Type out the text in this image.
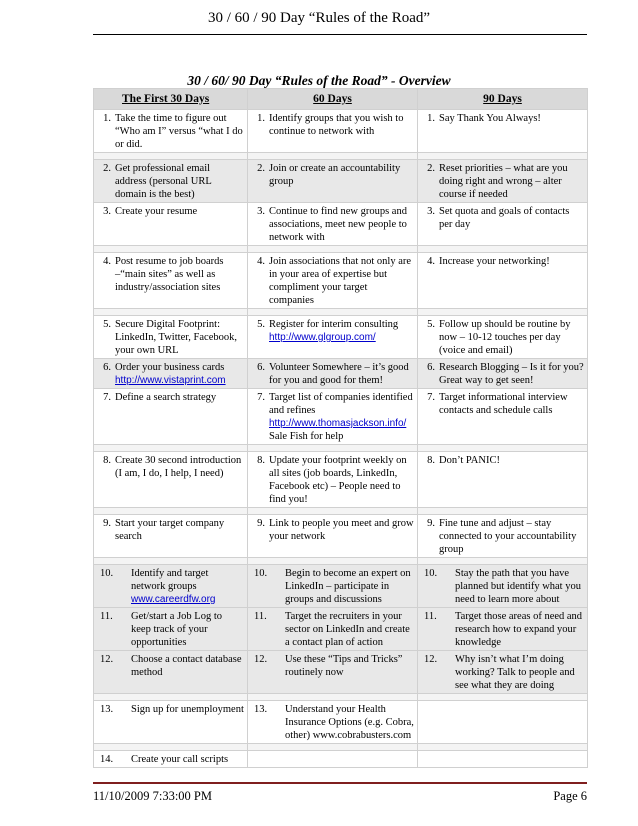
30 / 60 / 90 Day “Rules of the Road”
30 / 60/ 90 Day “Rules of the Road” - Overview
The First 30 Days	60 Days	90 Days

1. Take the time to figure out “Who am I” versus “what I do or did.	1. Identify groups that you wish to continue to network with	1. Say Thank You Always!

2. Get professional email address (personal URL domain is the best)	2. Join or create an accountability group	2. Reset priorities – what are you doing right and wrong – alter course if needed

3. Create your resume	3. Continue to find new groups and associations, meet new people to network with	3. Set quota and goals of contacts per day

4. Post resume to job boards –“main sites” as well as industry/association sites	4. Join associations that not only are in your area of expertise but compliment your target companies	4. Increase your networking!

5. Secure Digital Footprint: LinkedIn, Twitter, Facebook, your own URL	5. Register for interim consulting http://www.glgroup.com/	5. Follow up should be routine by now – 10-12 touches per day (voice and email)

6. Order your business cards http://www.vistaprint.com	6. Volunteer Somewhere – it’s good for you and good for them!	6. Research Blogging – Is it for you? Great way to get seen!

7. Define a search strategy	7. Target list of companies identified and refines http://www.thomasjackson.info/ Sale Fish for help	7. Target informational interview contacts and schedule calls

8. Create 30 second introduction (I am, I do, I help, I need)	8. Update your footprint weekly on all sites (job boards, LinkedIn, Facebook etc) – People need to find you!	8. Don’t PANIC!

9. Start your target company search	9. Link to people you meet and grow your network	9. Fine tune and adjust – stay connected to your accountability group

10. Identify and target network groups www.careerdfw.org	10. Begin to become an expert on LinkedIn – participate in groups and discussions	10. Stay the path that you have planned but identify what you need to learn more about

11. Get/start a Job Log to keep track of your opportunities	11. Target the recruiters in your sector on LinkedIn and create a contact plan of action	11. Target those areas of need and research how to expand your knowledge

12. Choose a contact database method	12. Use these “Tips and Tricks” routinely now	12. Why isn’t what I’m doing working? Talk to people and see what they are doing

13. Sign up for unemployment	13. Understand your Health Insurance Options (e.g. Cobra, other) www.cobrabusters.com	

14. Create your call scripts		

11/10/2009 7:33:00 PM	Page 6
